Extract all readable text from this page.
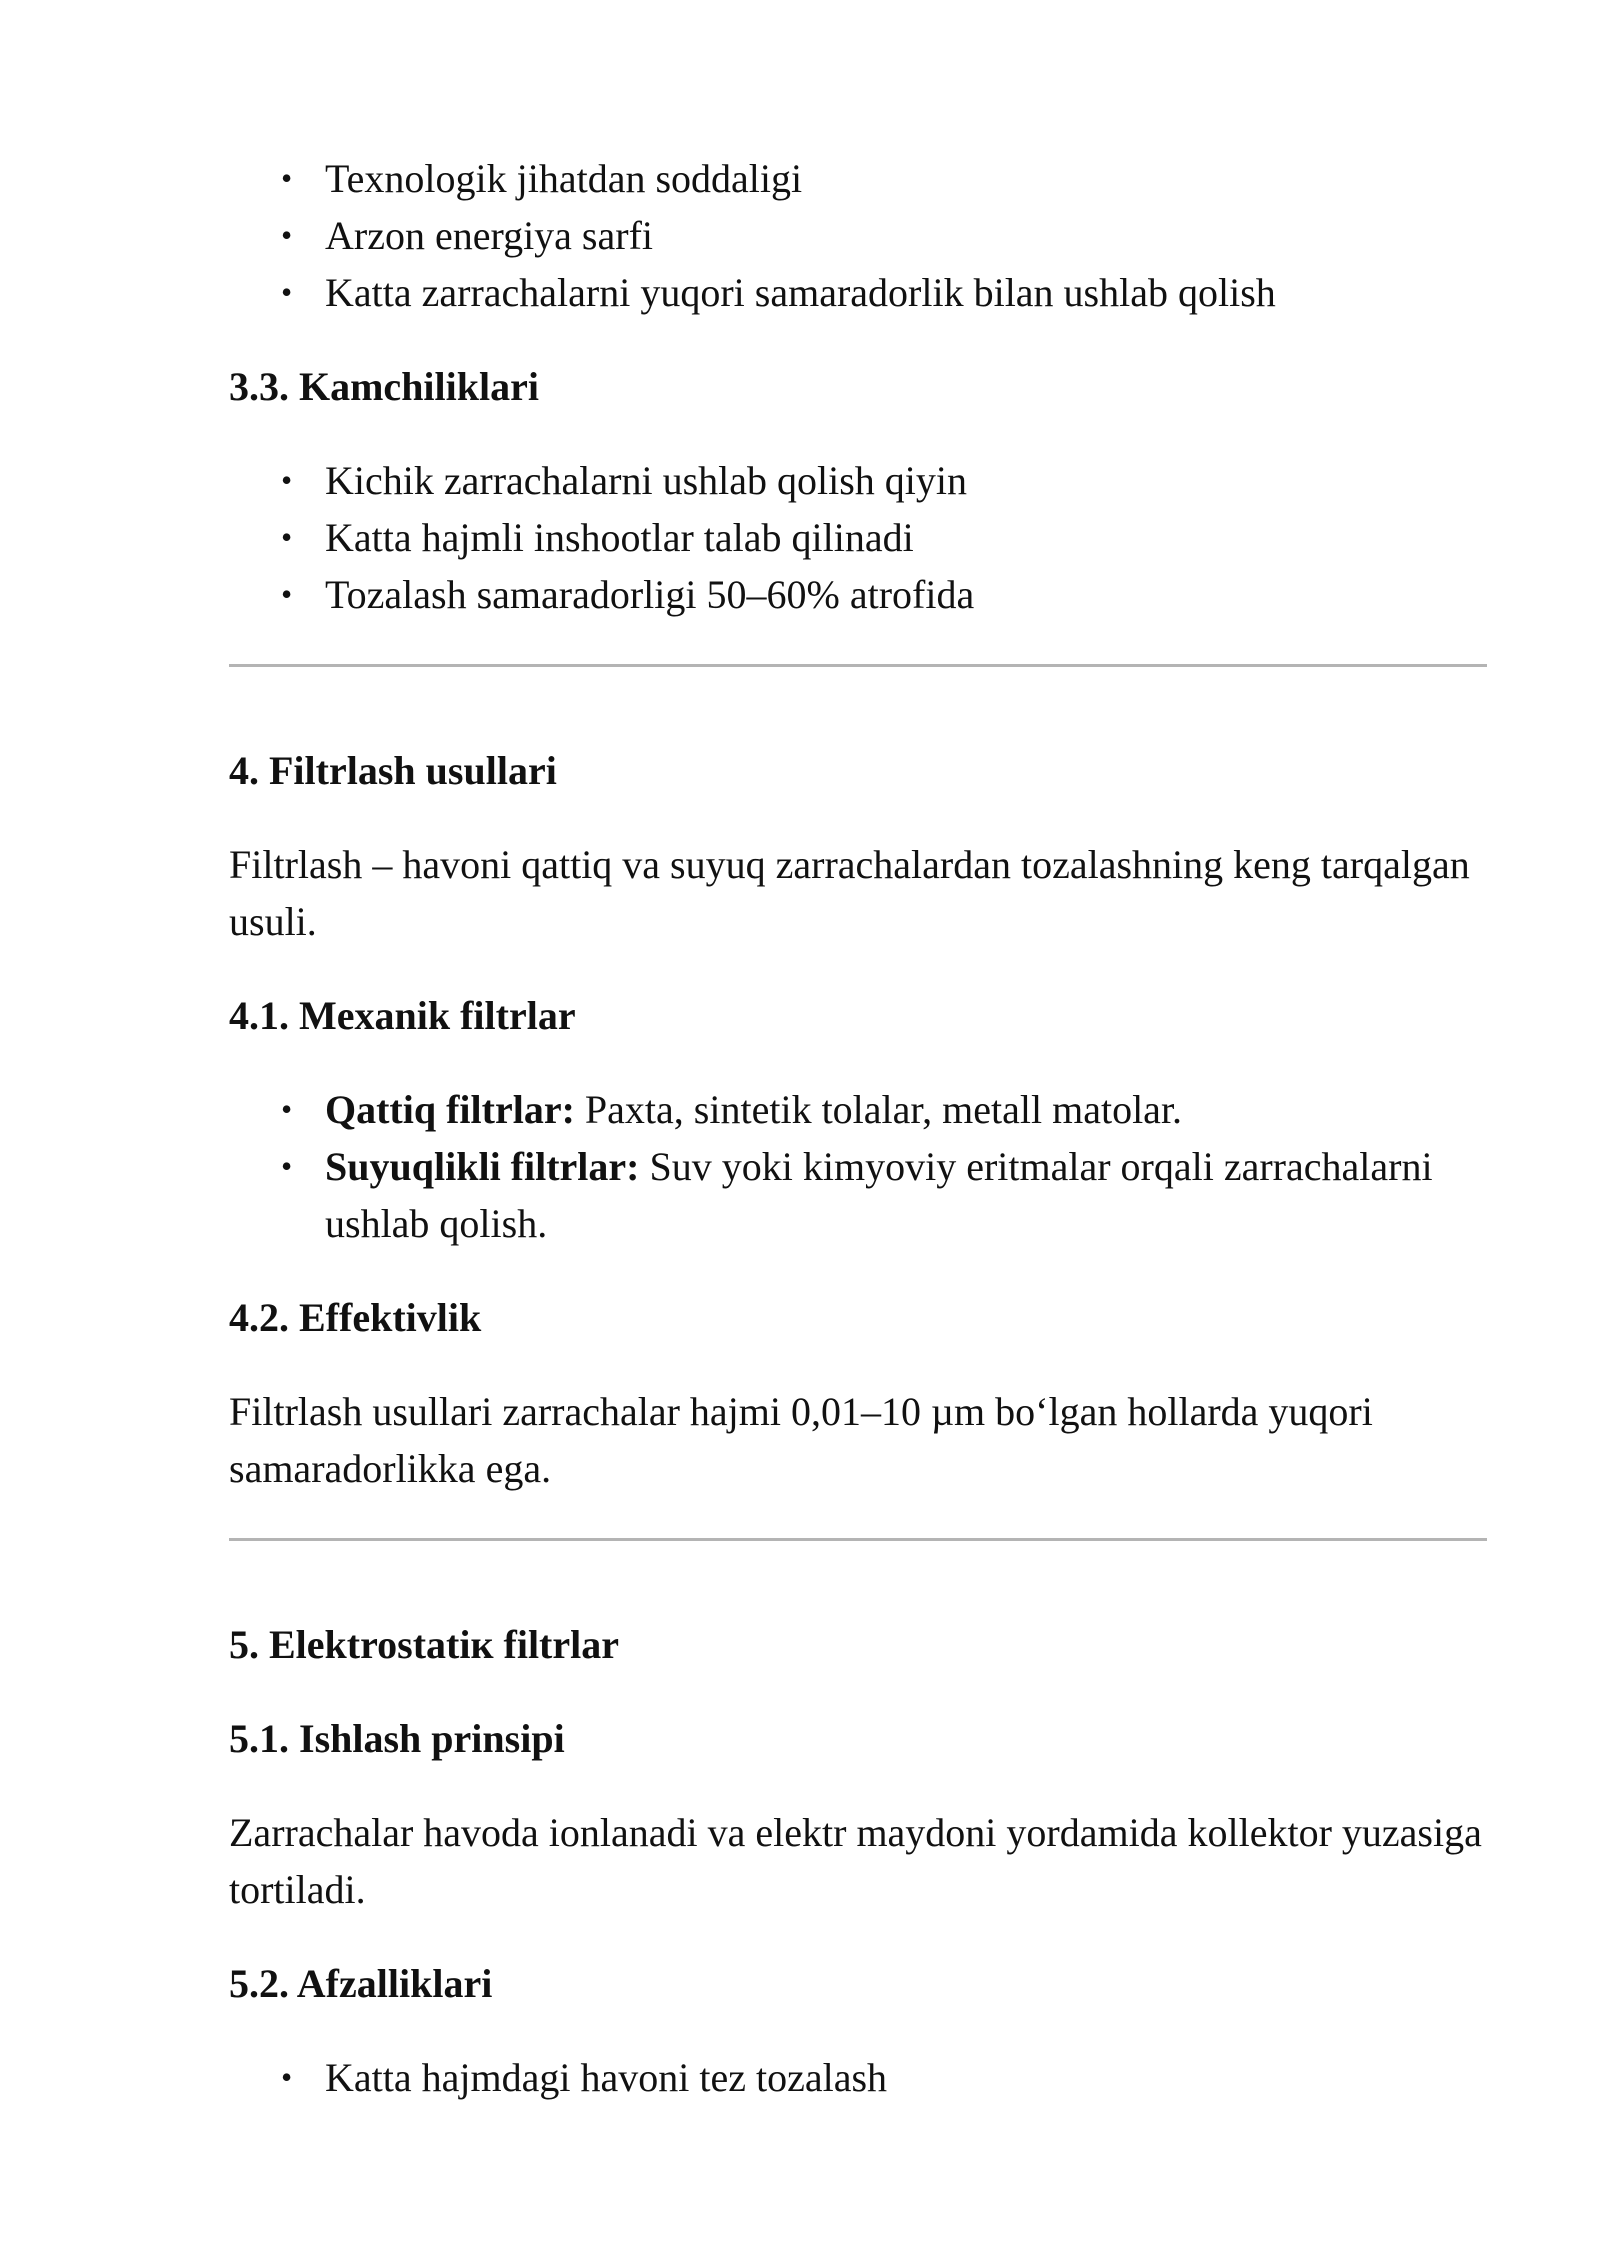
• Texnologik jihatdan soddaligi
• Arzon energiya sarfi
• Katta zarrachalarni yuqori samaradorlik bilan ushlab qolish
3.3. Kamchiliklari
• Kichik zarrachalarni ushlab qolish qiyin
• Katta hajmli inshootlar talab qilinadi
• Tozalash samaradorligi 50–60% atrofida
4. Filtrlash usullari

Filtrlash – havoni qattiq va suyuq zarrachalardan tozalashning keng tarqalgan usuli.

4.1. Mexanik filtrlar
• Qattiq filtrlar: Paxta, sintetik tolalar, metall matolar.
• Suyuqlikli filtrlar: Suv yoki kimyoviy eritmalar orqali zarrachalarni ushlab qolish.
4.2. Effektivlik

Filtrlash usullari zarrachalar hajmi 0,01–10 µm boʻlgan hollarda yuqori samaradorlikka ega.

5. Elektrostatiк filtrlar
5.1. Ishlash prinsipi

Zarrachalar havoda ionlanadi va elektr maydoni yordamida kollektor yuzasiga tortiladi.

5.2. Afzalliklari
• Katta hajmdagi havoni tez tozalash
